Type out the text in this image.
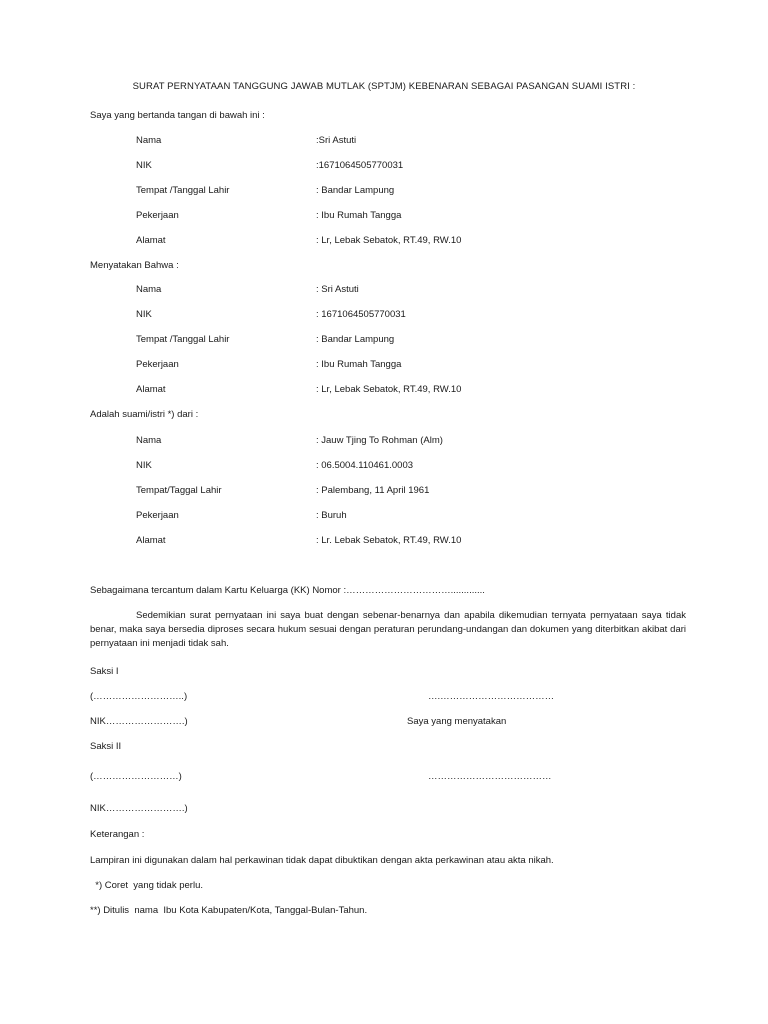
SURAT PERNYATAAN TANGGUNG JAWAB MUTLAK (SPTJM) KEBENARAN SEBAGAI PASANGAN SUAMI ISTRI :
Saya yang bertanda tangan di bawah ini :
Nama	:Sri Astuti
NIK	:1671064505770031
Tempat /Tanggal Lahir	: Bandar Lampung
Pekerjaan	: Ibu Rumah Tangga
Alamat	: Lr, Lebak Sebatok, RT.49, RW.10
Menyatakan Bahwa :
Nama	: Sri Astuti
NIK	: 1671064505770031
Tempat /Tanggal Lahir	: Bandar Lampung
Pekerjaan	: Ibu Rumah Tangga
Alamat	: Lr, Lebak Sebatok, RT.49, RW.10
Adalah suami/istri *) dari :
Nama	: Jauw Tjing To Rohman (Alm)
NIK	: 06.5004.110461.0003
Tempat/Taggal Lahir	: Palembang, 11 April 1961
Pekerjaan	: Buruh
Alamat	: Lr. Lebak Sebatok, RT.49, RW.10
Sebagaimana tercantum dalam Kartu Keluarga (KK) Nomor :…………………………….............
Sedemikian surat pernyataan ini saya buat dengan sebenar-benarnya dan apabila dikemudian ternyata pernyataan saya tidak benar, maka saya bersedia diproses secara hukum sesuai dengan peraturan perundang-undangan dan dokumen yang diterbitkan akibat dari pernyataan ini menjadi tidak sah.
Saksi I
(………………………..)	….………………………………
NIK…………………….)	Saya yang menyatakan
Saksi II
(………………………)	…………………………………
NIK…………………….)
Keterangan :
Lampiran ini digunakan dalam hal perkawinan tidak dapat dibuktikan dengan akta perkawinan atau akta nikah.
*) Coret  yang tidak perlu.
**) Ditulis  nama  Ibu Kota Kabupaten/Kota, Tanggal-Bulan-Tahun.
